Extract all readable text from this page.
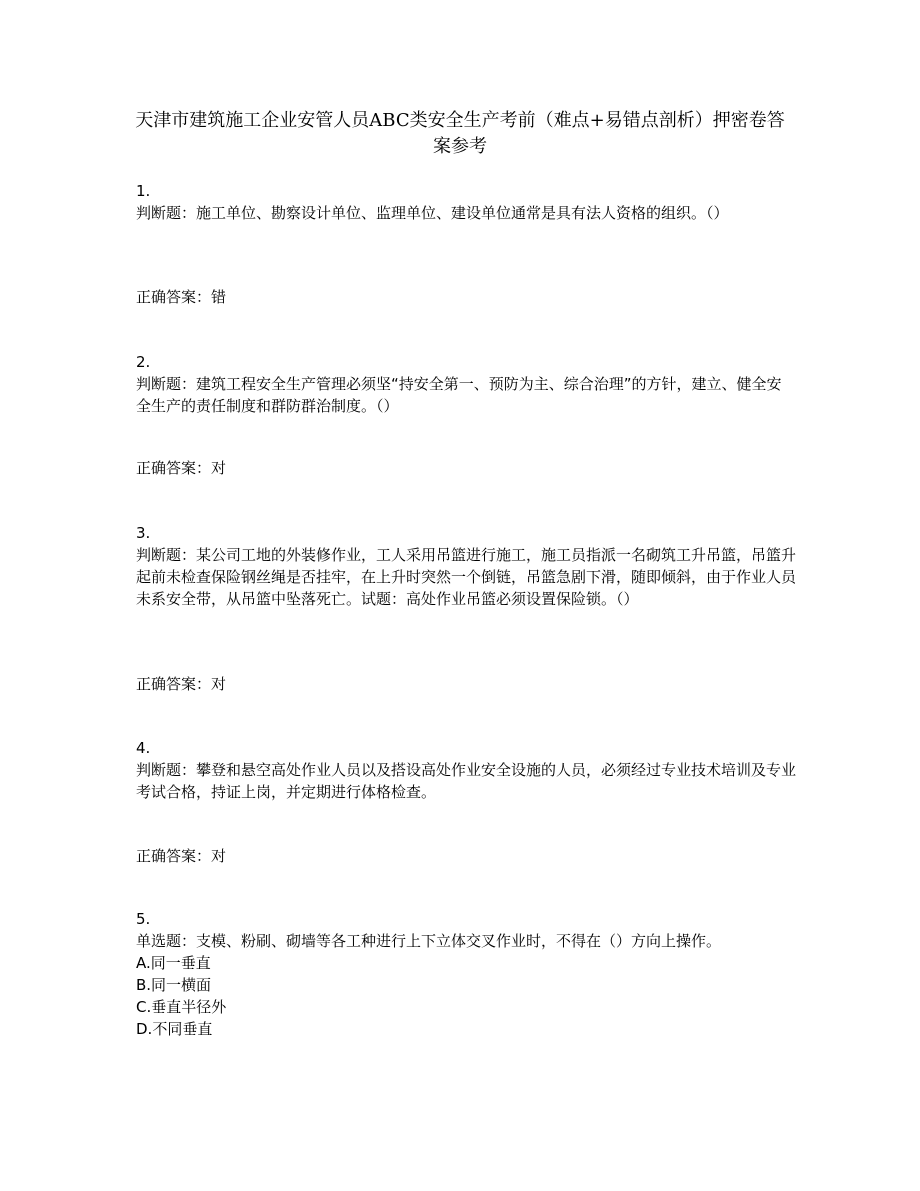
天津市建筑施工企业安管人员ABC类安全生产考前（难点+易错点剖析）押密卷答案参考
1.
判断题：施工单位、勘察设计单位、监理单位、建设单位通常是具有法人资格的组织。（）
正确答案：错
2.
判断题：建筑工程安全生产管理必须坚“持安全第一、预防为主、综合治理”的方针，建立、健全安全生产的责任制度和群防群治制度。（）
正确答案：对
3.
判断题：某公司工地的外装修作业，工人采用吊篮进行施工，施工员指派一名砌筑工升吊篮，吊篮升起前未检查保险钢丝绳是否挂牢，在上升时突然一个倒链，吊篮急剧下滑，随即倾斜，由于作业人员未系安全带，从吊篮中坠落死亡。试题：高处作业吊篮必须设置保险锁。（）
正确答案：对
4.
判断题：攀登和悬空高处作业人员以及搭设高处作业安全设施的人员，必须经过专业技术培训及专业考试合格，持证上岗，并定期进行体格检查。
正确答案：对
5.
单选题：支模、粉刷、砌墙等各工种进行上下立体交叉作业时，不得在（）方向上操作。
A.同一垂直
B.同一横面
C.垂直半径外
D.不同垂直
